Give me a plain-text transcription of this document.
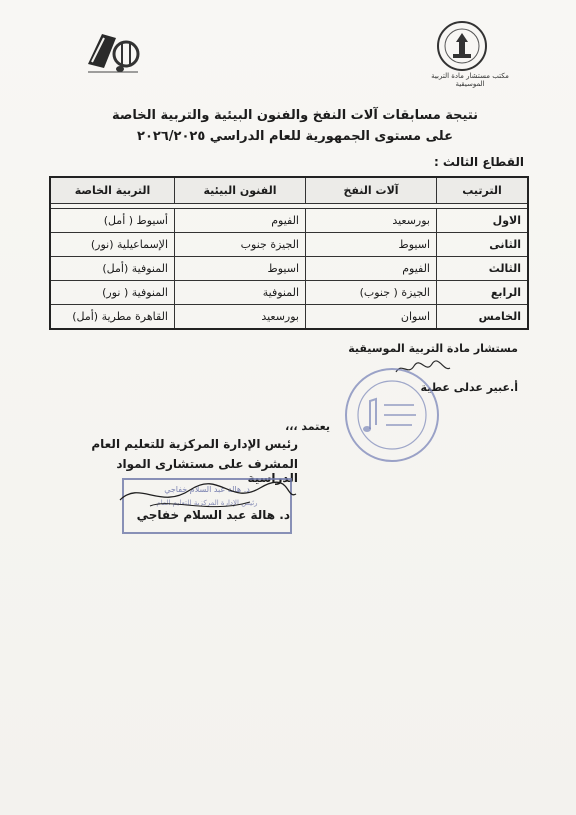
مكتب مستشار مادة التربية الموسيقية
نتيجة مسابقات آلات النفخ والفنون البيئية والتربية الخاصة
على مستوى الجمهورية للعام الدراسي ٢٠٢٦/٢٠٢٥
القطاع الثالث :
الترتيب	آلات النفخ	الفنون البيئية	التربية الخاصة

الاول	بورسعيد	الفيوم	أسيوط ( أمل)
الثانى	اسيوط	الجيزة جنوب	الإسماعيلية (نور)
الثالث	الفيوم	اسيوط	المنوفية (أمل)
الرابع	الجيزة ( جنوب)	المنوفية	المنوفية ( نور)
الخامس	اسوان	بورسعيد	القاهرة مطرية (أمل)
مستشار مادة التربية الموسيقية
أ.عبير عدلى عطية
يعتمد ،،،
رئيس الإدارة المركزية للتعليم العام
المشرف على مستشارى المواد الدراسية
د. هالة عبد السلام خفاجي
رئيس الإدارة المركزية للتعليم العام
د. هالة عبد السلام خفاجي
